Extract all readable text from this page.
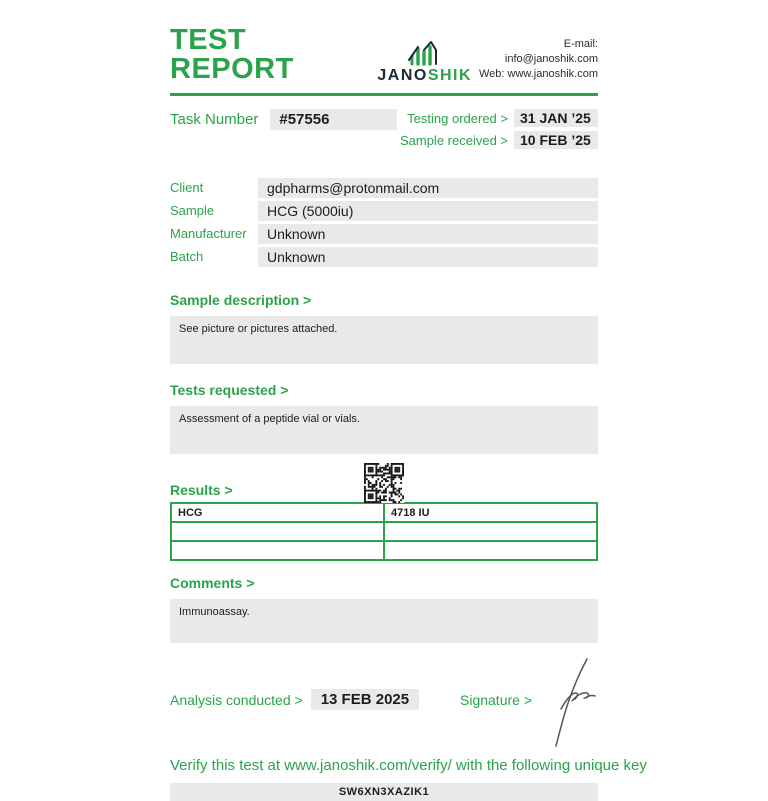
TEST REPORT	JANOSHIK
E-mail: info@janoshik.com
Web: www.janoshik.com
Task Number	#57556	Testing ordered > 31 JAN ’25
Sample received > 10 FEB ’25
Client	gdpharms@protonmail.com
Sample	HCG (5000iu)
Manufacturer	Unknown
Batch	Unknown
Sample description >
See picture or pictures attached.
Tests requested >
Assessment of a peptide vial or vials.
Results >
HCG	4718 IU

Comments >
Immunoassay.
Analysis conducted >	13 FEB 2025	Signature >
Verify this test at www.janoshik.com/verify/ with the following unique key
SW6XN3XAZIK1
